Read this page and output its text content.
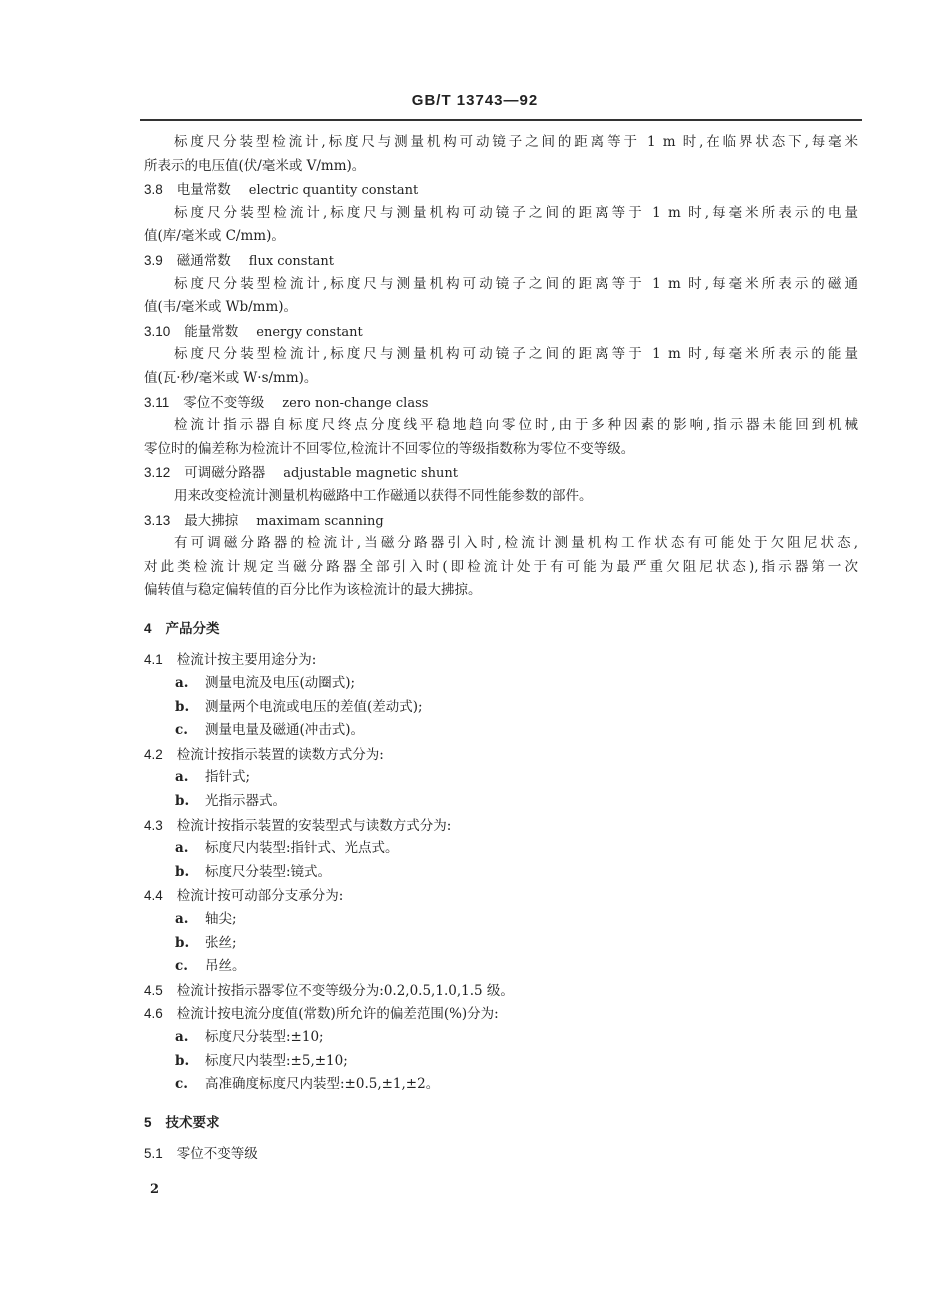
GB/T 13743—92
标度尺分装型检流计,标度尺与测量机构可动镜子之间的距离等于 1 m 时,在临界状态下,每毫米
所表示的电压值(伏/毫米或 V/mm)。
3.8 电量常数 electric quantity constant
标度尺分装型检流计,标度尺与测量机构可动镜子之间的距离等于 1 m 时,每毫米所表示的电量
值(库/毫米或 C/mm)。
3.9 磁通常数 flux constant
标度尺分装型检流计,标度尺与测量机构可动镜子之间的距离等于 1 m 时,每毫米所表示的磁通
值(韦/毫米或 Wb/mm)。
3.10 能量常数 energy constant
标度尺分装型检流计,标度尺与测量机构可动镜子之间的距离等于 1 m 时,每毫米所表示的能量
值(瓦·秒/毫米或 W·s/mm)。
3.11 零位不变等级 zero non-change class
检流计指示器自标度尺终点分度线平稳地趋向零位时,由于多种因素的影响,指示器未能回到机械
零位时的偏差称为检流计不回零位,检流计不回零位的等级指数称为零位不变等级。
3.12 可调磁分路器 adjustable magnetic shunt
用来改变检流计测量机构磁路中工作磁通以获得不同性能参数的部件。
3.13 最大拂掠 maximam scanning
有可调磁分路器的检流计,当磁分路器引入时,检流计测量机构工作状态有可能处于欠阻尼状态,
对此类检流计规定当磁分路器全部引入时(即检流计处于有可能为最严重欠阻尼状态),指示器第一次
偏转值与稳定偏转值的百分比作为该检流计的最大拂掠。
4 产品分类
4.1 检流计按主要用途分为:
a. 测量电流及电压(动圈式);
b. 测量两个电流或电压的差值(差动式);
c. 测量电量及磁通(冲击式)。
4.2 检流计按指示装置的读数方式分为:
a. 指针式;
b. 光指示器式。
4.3 检流计按指示装置的安装型式与读数方式分为:
a. 标度尺内装型:指针式、光点式。
b. 标度尺分装型:镜式。
4.4 检流计按可动部分支承分为:
a. 轴尖;
b. 张丝;
c. 吊丝。
4.5 检流计按指示器零位不变等级分为:0.2,0.5,1.0,1.5 级。
4.6 检流计按电流分度值(常数)所允许的偏差范围(%)分为:
a. 标度尺分装型:±10;
b. 标度尺内装型:±5,±10;
c. 高准确度标度尺内装型:±0.5,±1,±2。
5 技术要求
5.1 零位不变等级
2
